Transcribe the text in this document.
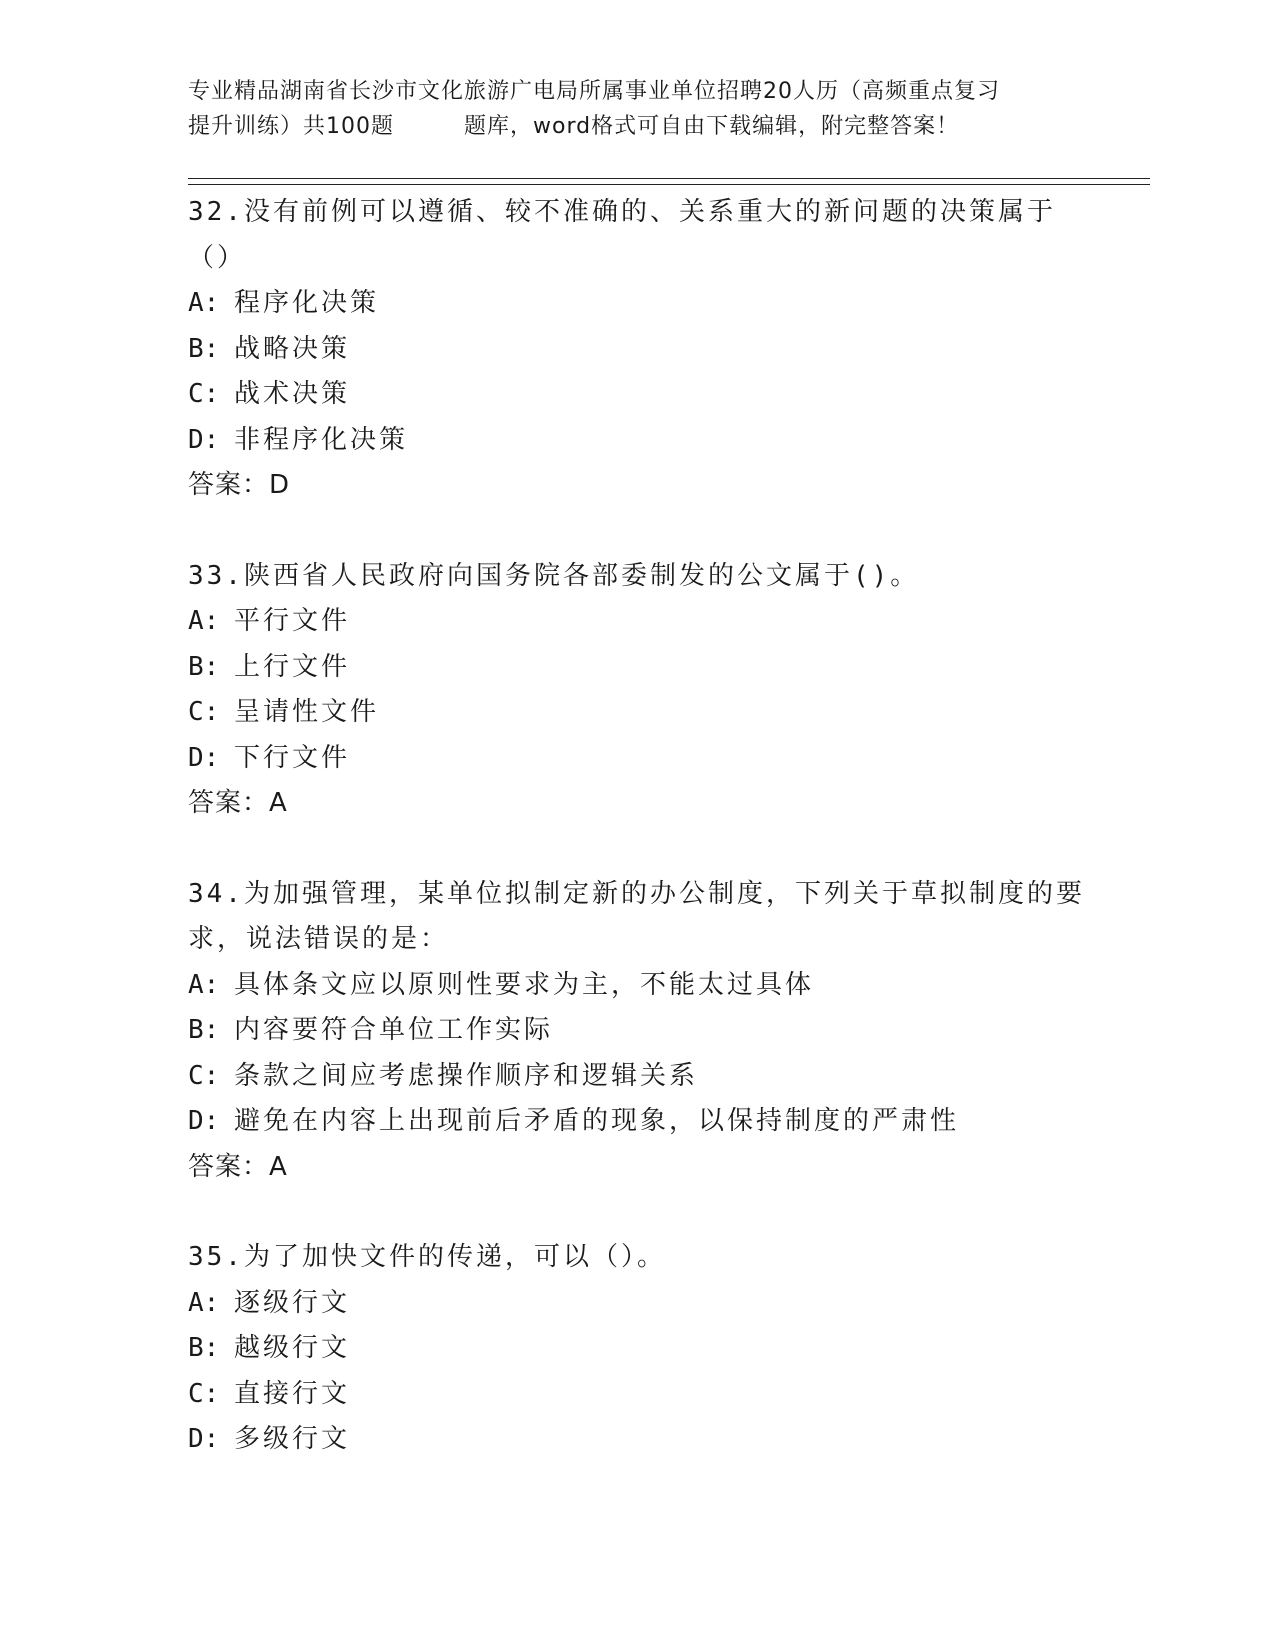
专业精品湖南省长沙市文化旅游广电局所属事业单位招聘20人历（高频重点复习
提升训练）共100题	题库，word格式可自由下载编辑，附完整答案！
32.没有前例可以遵循、较不准确的、关系重大的新问题的决策属于（）
A: 程序化决策
B: 战略决策
C: 战术决策
D: 非程序化决策
答案：D
33.陕西省人民政府向国务院各部委制发的公文属于()。
A: 平行文件
B: 上行文件
C: 呈请性文件
D: 下行文件
答案：A
34.为加强管理，某单位拟制定新的办公制度，下列关于草拟制度的要求，说法错误的是：
A: 具体条文应以原则性要求为主，不能太过具体
B: 内容要符合单位工作实际
C: 条款之间应考虑操作顺序和逻辑关系
D: 避免在内容上出现前后矛盾的现象，以保持制度的严肃性
答案：A
35.为了加快文件的传递，可以（）。
A: 逐级行文
B: 越级行文
C: 直接行文
D: 多级行文
